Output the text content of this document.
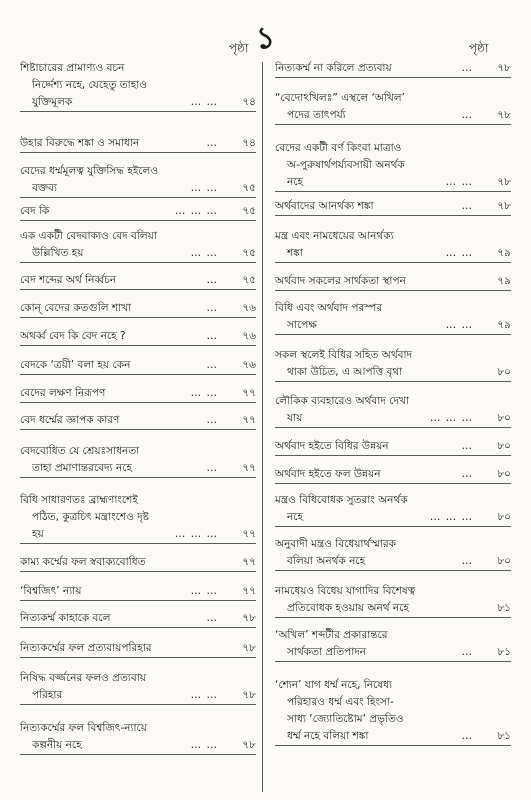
১
পৃষ্ঠা	পৃষ্ঠা
শিষ্টাচারের প্রামাণ্যও বচন
নির্দ্দেশ্য নহে, যেহেতু তাহাও
যুক্তিমূলক	… … ৭৪
উহার বিরুদ্ধে শঙ্কা ও সমাধান	… ৭৪
বেদের ধর্ম্মমূলত্ব যুক্তিসিদ্ধ হইলেও
বক্তব্য	… … ৭৫
বেদ কি	… … … ৭৫
এক একটী বেদবাক্যও বেদ বলিয়া
উল্লিখিত হয়	… … ৭৫
বেদ শব্দের অর্থ নির্ব্বচন	… ৭৫
কোন্ বেদের কতগুলি শাখা	… ৭৬
অথর্ব্ব বেদ কি বেদ নহে ?	… ৭৬
বেদকে ‘ত্রয়ী’ বলা হয় কেন	… ৭৬
বেদের লক্ষণ নিরূপণ	… … ৭৭
বেদ ধর্ম্মের জ্ঞাপক কারণ	… ৭৭
বেদবোধিত যে শ্রেয়ঃসাধনতা
তাহা প্রমাণান্তরবেদ্য নহে	… ৭৭
বিধি সাধারণতঃ ব্রাহ্মণাংশেই
পঠিত, কুত্রচিৎ মন্ত্রাংশেও দৃষ্ট
হয়	… … … ৭৭
কাম্য কর্ম্মের ফল স্ববাক্যবোধিত	৭৭
‘বিশ্বজিৎ’ ন্যায়	… … ৭৭
নিত্যকর্ম্ম কাহাকে বলে	… ৭৮
নিত্যকর্ম্মের ফল প্রত্যবায়পরিহার	৭৮
নিষিদ্ধ বর্জ্জনের ফলও প্রত্যবায়
পরিহার	… … ৭৮
নিত্যকর্ম্মের ফল বিশ্বজিৎ-ন্যায়ে
কল্পনীয় নহে	… … ৭৮
নিত্যকর্ম্ম না করিলে প্রত্যবায়	… ৭৮
“বেদোঽখিলঃ” এস্থলে ‘অখিল’
পদের তাৎপর্য্য	… ৭৮
বেদের একটী বর্ণ কিংবা মাত্রাও
অ-পুরুষার্থপর্য্যবসায়ী অনর্থক
নহে	… … ৭৮
অর্থবাদের আনর্থক্য শঙ্কা	… ৭৮
মন্ত্র এবং নামধেয়ের আনর্থক্য
শঙ্কা	… … ৭৯
অর্থবাদ সকলের সার্থকতা স্থাপন	৭৯
বিধি এবং অর্থবাদ পরস্পর
সাপেক্ষ	… … ৭৯
সকল স্থলেই বিধির সহিত অর্থবাদ
থাকা উচিত, এ আপত্তি বৃথা	৮০
লৌকিক ব্যবহারেও অর্থবাদ দেখা
যায়	… … … ৮০
অর্থবাদ হইতে বিধির উন্নয়ন	… ৮০
অর্থবাদ হইতে ফল উন্নয়ন	… ৮০
মন্ত্রও বিধিবোধক সুতরাং অনর্থক
নহে	… … … ৮০
অনুবাদী মন্ত্রও বিধেয়ার্থস্মারক
বলিয়া অনর্থক নহে	… ৮০
নামধেয়ও বিধেয় যাগাদির বিশেষত্ব
প্রতিবোধক হওয়ায় অনর্থ নহে	৮১
‘অখিল’ শব্দটীর প্রকারান্তরে
সার্থকতা প্রতিপাদন	… ৮১
‘শ্যেন’ যাগ ধর্ম্ম নহে, নিষেধ্য
পরিহারও ধর্ম্ম এবং হিংসা-
সাধ্য ‘জ্যোতিষ্টোম’ প্রভৃতিও
ধর্ম্ম নহে বলিয়া শঙ্কা	… ৮১
